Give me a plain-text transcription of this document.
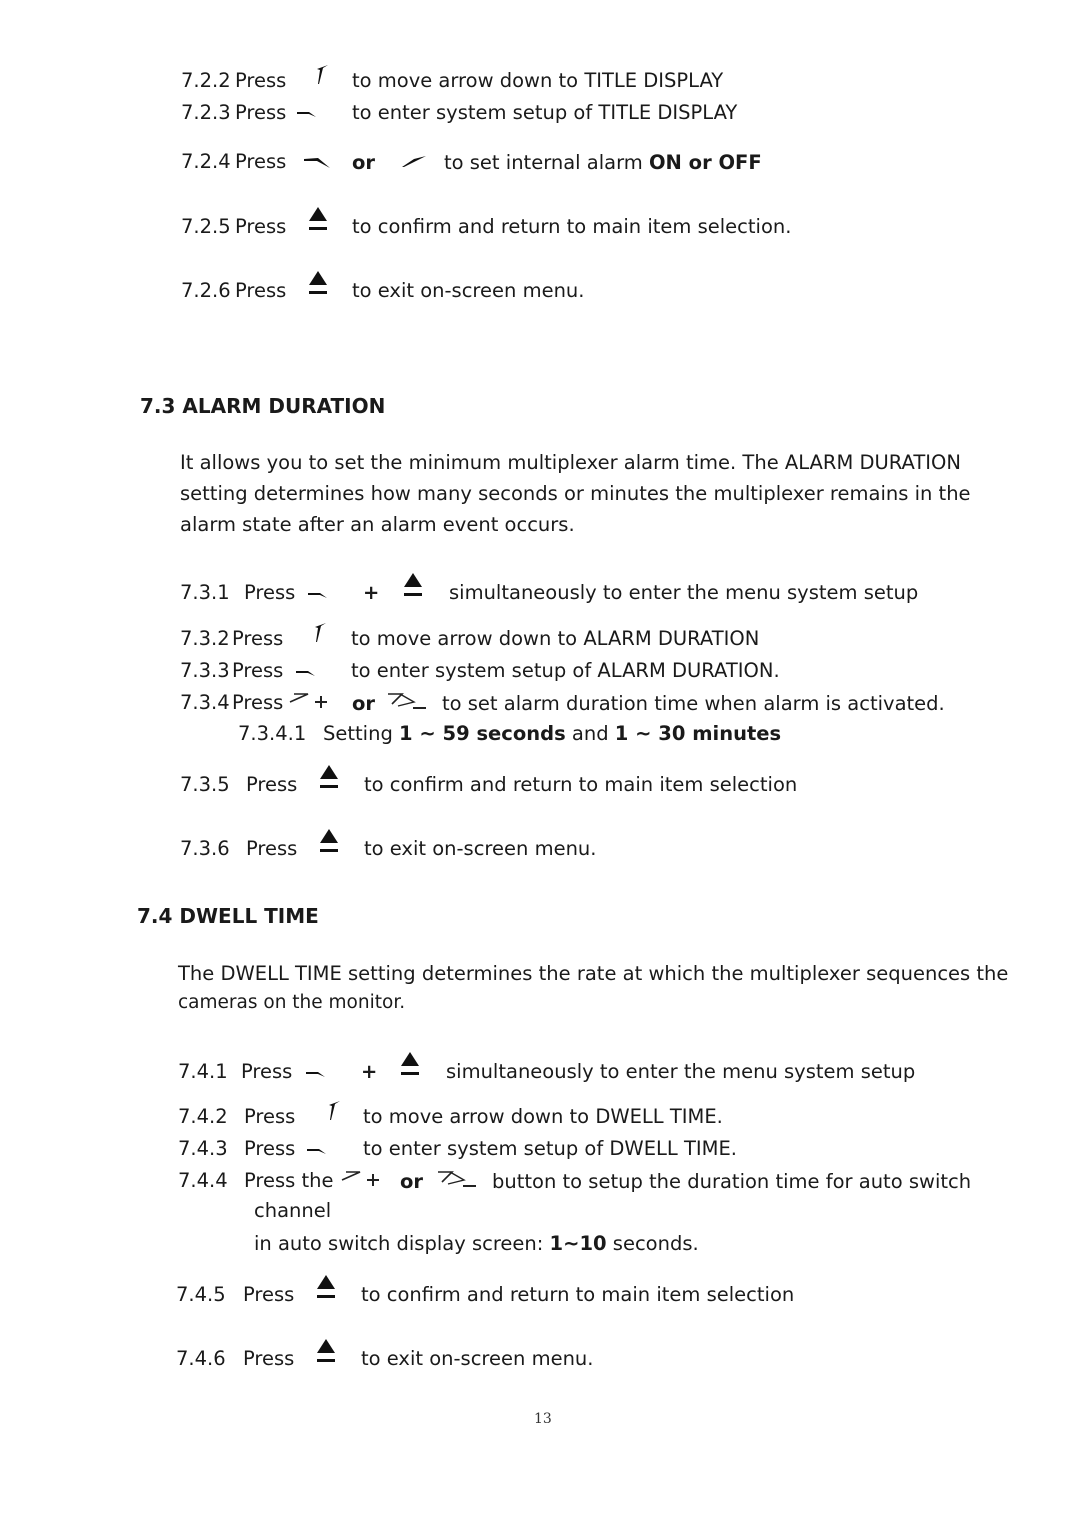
7.2.2 Press	to move arrow down to TITLE DISPLAY
7.2.3 Press	to enter system setup of TITLE DISPLAY
7.2.4 Press	or	to set internal alarm ON or OFF
7.2.5 Press	to confirm and return to main item selection.
7.2.6 Press	to exit on-screen menu.
7.3 ALARM DURATION
It allows you to set the minimum multiplexer alarm time. The ALARM DURATION setting determines how many seconds or minutes the multiplexer remains in the alarm state after an alarm event occurs.
7.3.1 Press	+	simultaneously to enter the menu system setup
7.3.2 Press	to move arrow down to ALARM DURATION
7.3.3 Press	to enter system setup of ALARM DURATION.
7.3.4 Press	or	to set alarm duration time when alarm is activated.
7.3.4.1 Setting 1 ~ 59 seconds and 1 ~ 30 minutes
7.3.5 Press	to confirm and return to main item selection
7.3.6 Press	to exit on-screen menu.
7.4 DWELL TIME
The DWELL TIME setting determines the rate at which the multiplexer sequences the
cameras on the monitor.
7.4.1 Press	+	simultaneously to enter the menu system setup
7.4.2 Press	to move arrow down to DWELL TIME.
7.4.3 Press	to enter system setup of DWELL TIME.
7.4.4 Press the	or	button to setup the duration time for auto switch
channel
in auto switch display screen: 1~10 seconds.
7.4.5 Press	to confirm and return to main item selection
7.4.6 Press	to exit on-screen menu.
13
